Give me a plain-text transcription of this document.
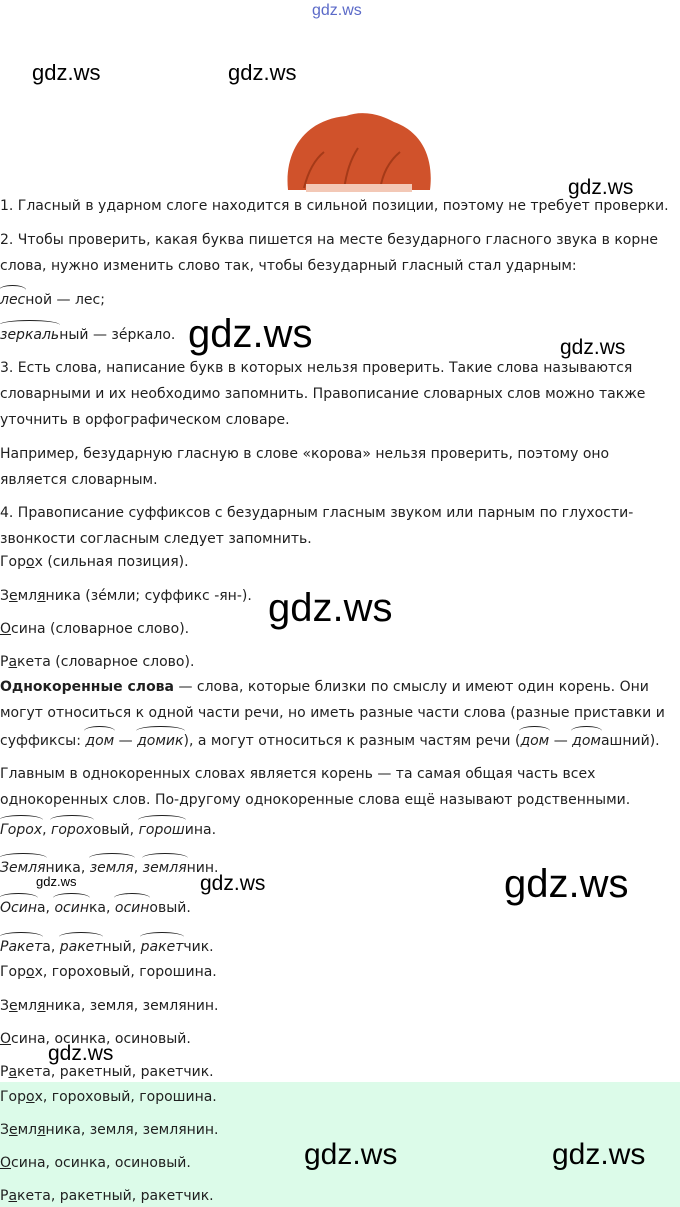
gdz.ws
gdz.ws	gdz.ws
gdz.ws
1. Гласный в ударном слоге находится в сильной позиции, поэтому не требует проверки.
2. Чтобы проверить, какая буква пишется на месте безударного гласного звука в корне
слова, нужно изменить слово так, чтобы безударный гласный стал ударным:
лесной — лес;
зеркальный — зе́ркало. gdz.ws	gdz.ws
3. Есть слова, написание букв в которых нельзя проверить. Такие слова называются
словарными и их необходимо запомнить. Правописание словарных слов можно также
уточнить в орфографическом словаре.
Например, безударную гласную в слове «корова» нельзя проверить, поэтому оно
является словарным.
4. Правописание суффиксов с безударным гласным звуком или парным по глухости-
звонкости согласным следует запомнить.
Горох (сильная позиция).
Земляника (зе́мли; суффикс -ян-). gdz.ws
Осина (словарное слово).
Ракета (словарное слово).
Однокоренные слова — слова, которые близки по смыслу и имеют один корень. Они
могут относиться к одной части речи, но иметь разные части слова (разные приставки и
суффиксы: дом — домик), а могут относиться к разным частям речи (дом — домашний).
Главным в однокоренных словах является корень — та самая общая часть всех
однокоренных слов. По-другому однокоренные слова ещё называют родственными.
Горох, гороховый, горошина.
Земляника, земля, землянин.	gdz.ws
gdz.ws	gdz.ws
Осина, осинка, осиновый.
Ракета, ракетный, ракетчик.
Горох, гороховый, горошина.
Земляника, земля, землянин.
Осина, осинка, осиновый.
gdz.ws
Ракета, ракетный, ракетчик.
Горох, гороховый, горошина.
Земляника, земля, землянин.
Осина, осинка, осиновый.
Ракета, ракетный, ракетчик.
gdz.ws	gdz.ws
